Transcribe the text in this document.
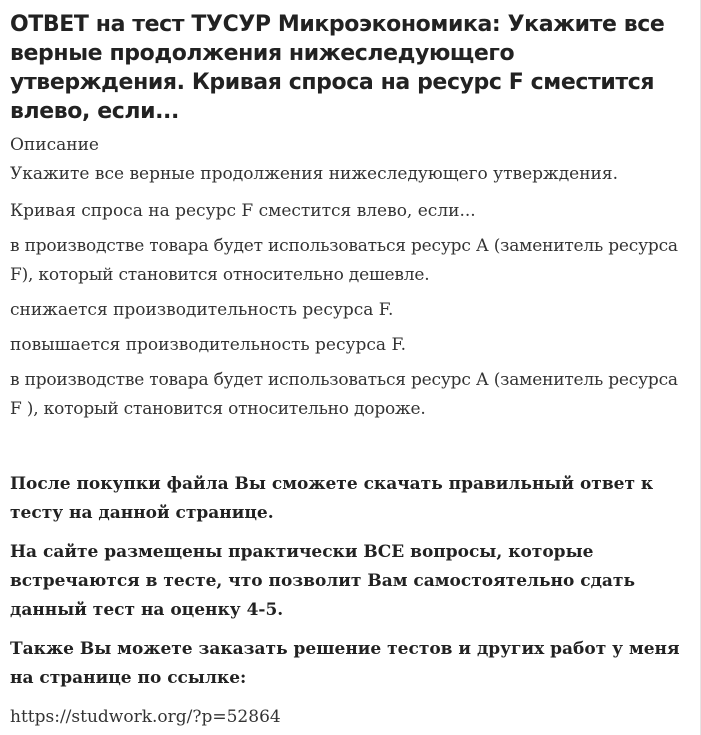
ОТВЕТ на тест ТУСУР Микроэкономика: Укажите все верные продолжения нижеследующего утверждения. Кривая спроса на ресурс F сместится влево, если...
Описание

Укажите все верные продолжения нижеследующего утверждения.

Кривая спроса на ресурс F сместится влево, если...

в производстве товара будет использоваться ресурс А (заменитель ресурса F), который становится относительно дешевле.

снижается производительность ресурса F.

повышается производительность ресурса F.

в производстве товара будет использоваться ресурс А (заменитель ресурса F ), который становится относительно дороже.

После покупки файла Вы сможете скачать правильный ответ к тесту на данной странице.

На сайте размещены практически ВСЕ вопросы, которые встречаются в тесте, что позволит Вам самостоятельно сдать данный тест на оценку 4-5.

Также Вы можете заказать решение тестов и других работ у меня на странице по ссылке:

https://studwork.org/?p=52864
